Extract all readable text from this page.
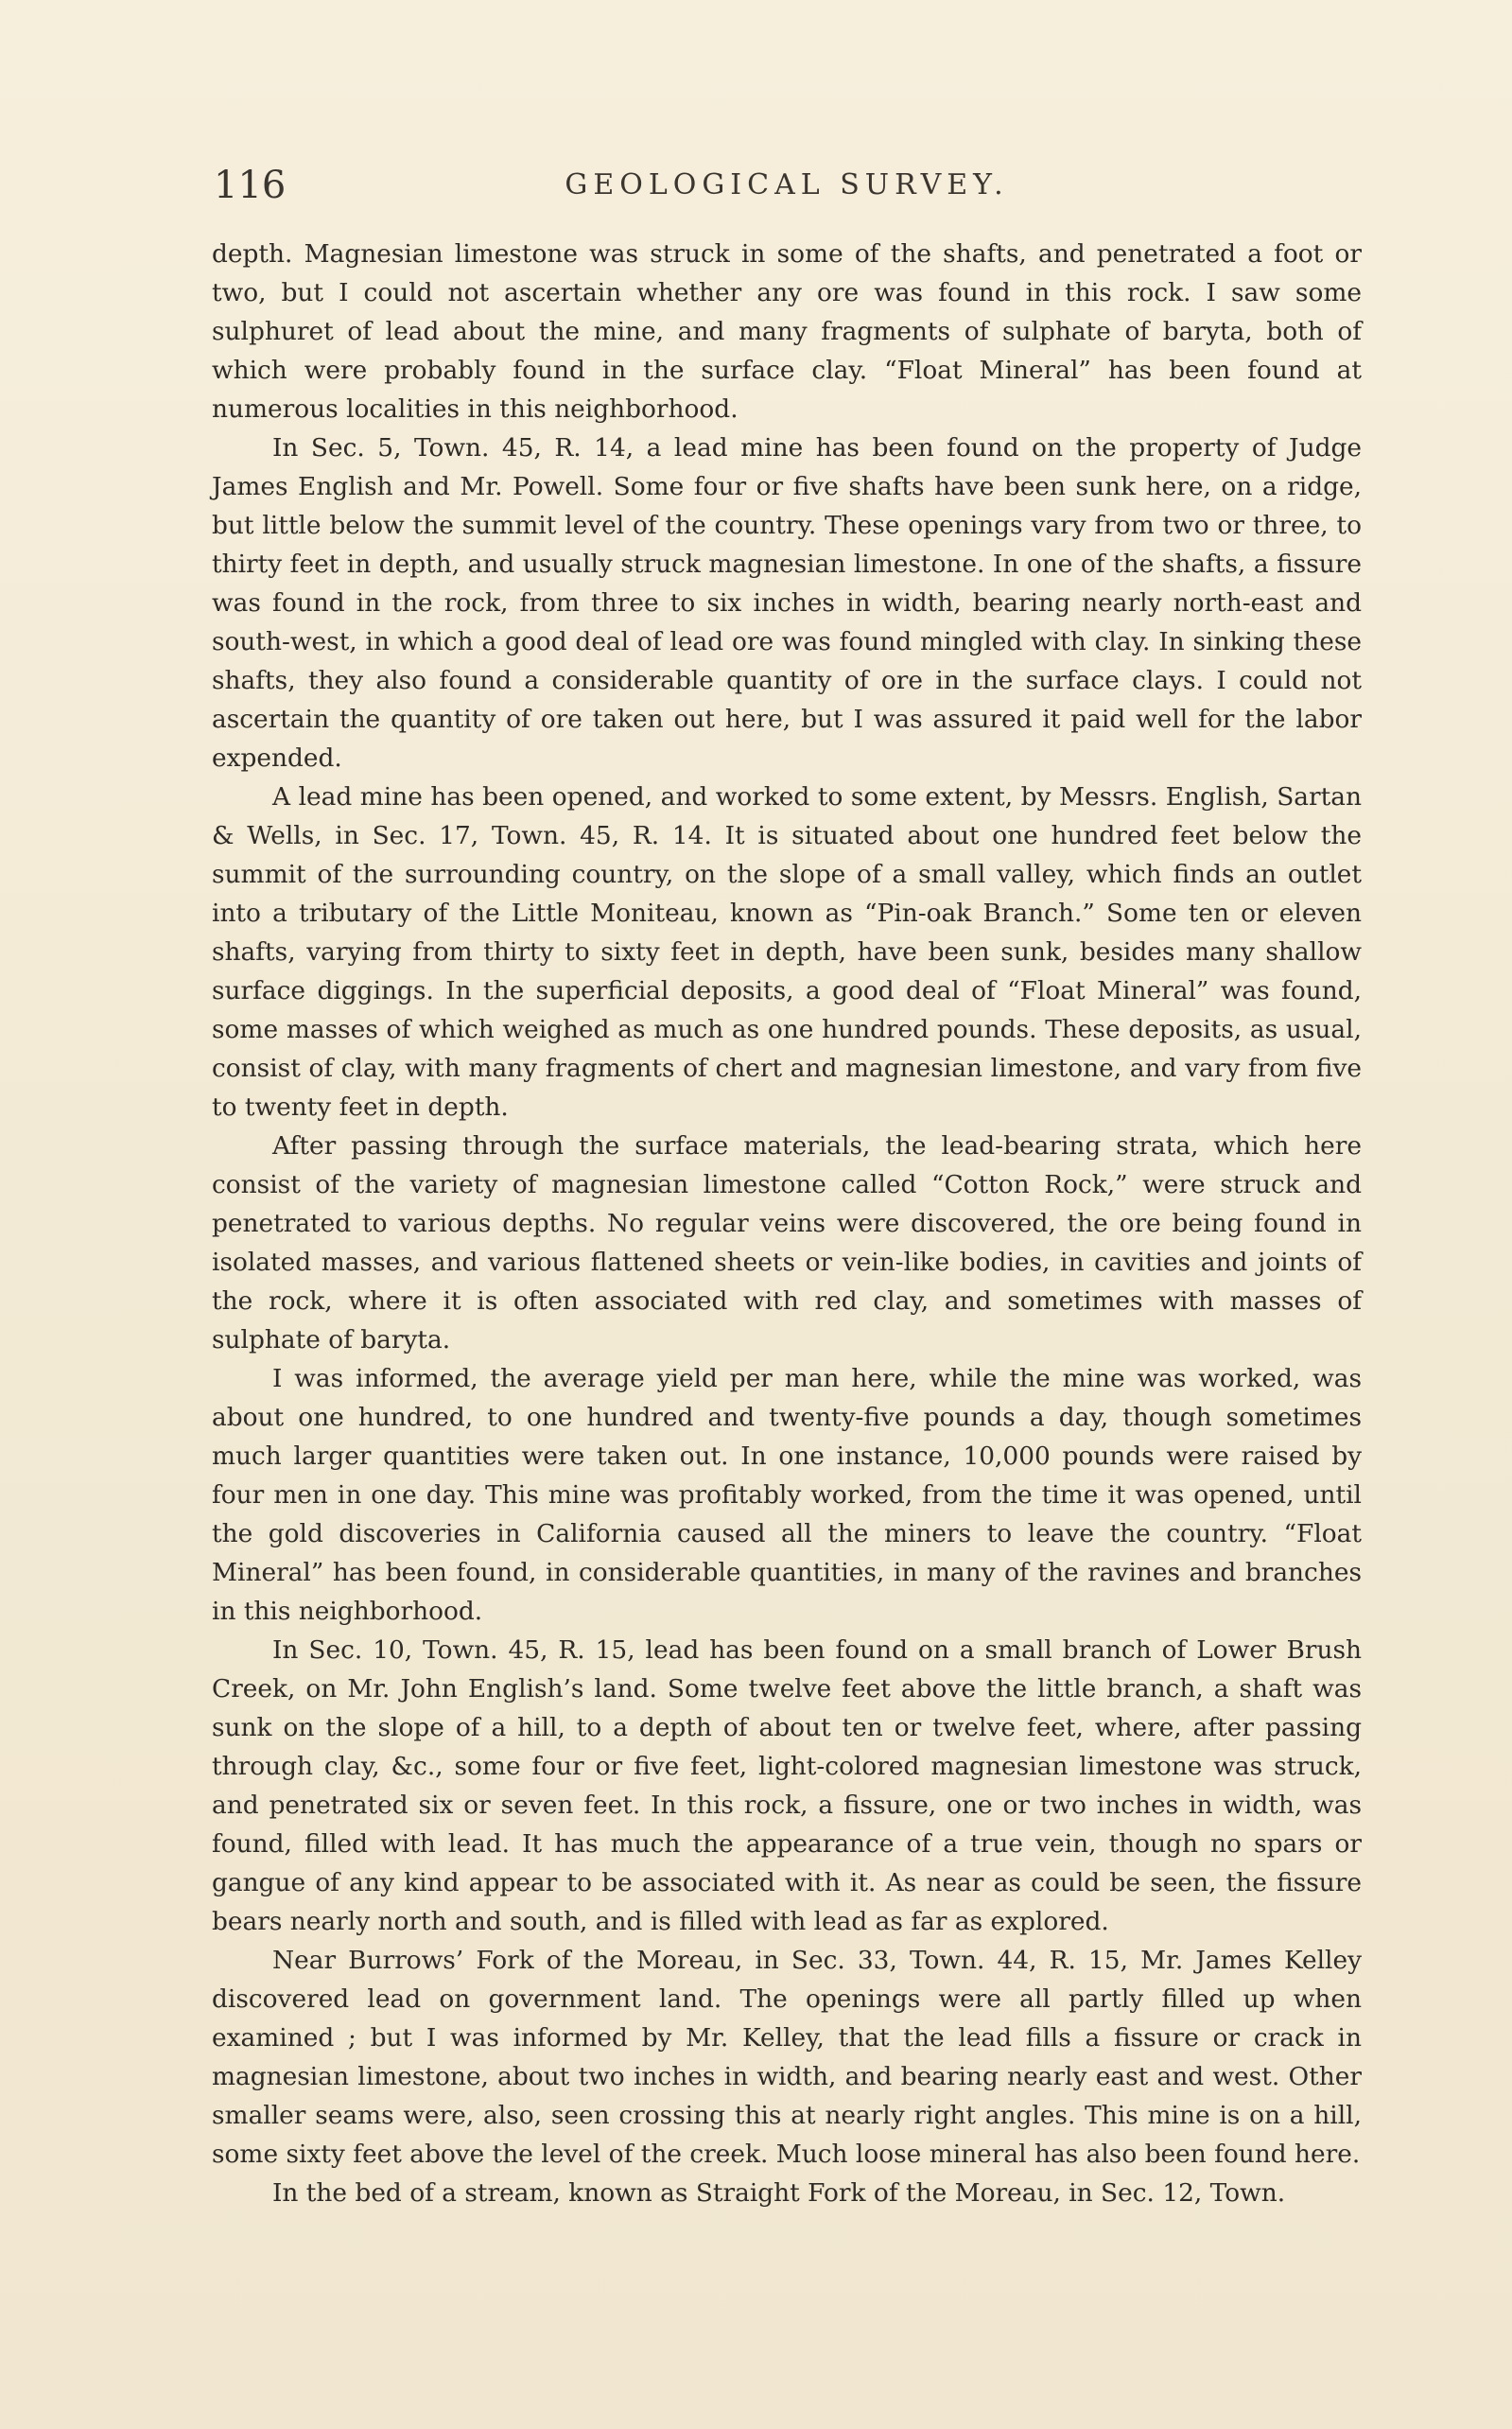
116	GEOLOGICAL SURVEY.

depth. Magnesian limestone was struck in some of the shafts, and penetrated a foot or two, but I could not ascertain whether any ore was found in this rock. I saw some sulphuret of lead about the mine, and many fragments of sulphate of baryta, both of which were probably found in the surface clay. “Float Mineral” has been found at numerous localities in this neighborhood.

In Sec. 5, Town. 45, R. 14, a lead mine has been found on the property of Judge James English and Mr. Powell. Some four or five shafts have been sunk here, on a ridge, but little below the summit level of the country. These openings vary from two or three, to thirty feet in depth, and usually struck magnesian limestone. In one of the shafts, a fissure was found in the rock, from three to six inches in width, bearing nearly north-east and south-west, in which a good deal of lead ore was found mingled with clay. In sinking these shafts, they also found a considerable quantity of ore in the surface clays. I could not ascertain the quantity of ore taken out here, but I was assured it paid well for the labor expended.

A lead mine has been opened, and worked to some extent, by Messrs. English, Sartan & Wells, in Sec. 17, Town. 45, R. 14. It is situated about one hundred feet below the summit of the surrounding country, on the slope of a small valley, which finds an outlet into a tributary of the Little Moniteau, known as “Pin-oak Branch.” Some ten or eleven shafts, varying from thirty to sixty feet in depth, have been sunk, besides many shallow surface diggings. In the superficial deposits, a good deal of “Float Mineral” was found, some masses of which weighed as much as one hundred pounds. These deposits, as usual, consist of clay, with many fragments of chert and magnesian limestone, and vary from five to twenty feet in depth.

After passing through the surface materials, the lead-bearing strata, which here consist of the variety of magnesian limestone called “Cotton Rock,” were struck and penetrated to various depths. No regular veins were discovered, the ore being found in isolated masses, and various flattened sheets or vein-like bodies, in cavities and joints of the rock, where it is often associated with red clay, and sometimes with masses of sulphate of baryta.

I was informed, the average yield per man here, while the mine was worked, was about one hundred, to one hundred and twenty-five pounds a day, though sometimes much larger quantities were taken out. In one instance, 10,000 pounds were raised by four men in one day. This mine was profitably worked, from the time it was opened, until the gold discoveries in California caused all the miners to leave the country. “Float Mineral” has been found, in considerable quantities, in many of the ravines and branches in this neighborhood.

In Sec. 10, Town. 45, R. 15, lead has been found on a small branch of Lower Brush Creek, on Mr. John English’s land. Some twelve feet above the little branch, a shaft was sunk on the slope of a hill, to a depth of about ten or twelve feet, where, after passing through clay, &c., some four or five feet, light-colored magnesian limestone was struck, and penetrated six or seven feet. In this rock, a fissure, one or two inches in width, was found, filled with lead. It has much the appearance of a true vein, though no spars or gangue of any kind appear to be associated with it. As near as could be seen, the fissure bears nearly north and south, and is filled with lead as far as explored.

Near Burrows’ Fork of the Moreau, in Sec. 33, Town. 44, R. 15, Mr. James Kelley discovered lead on government land. The openings were all partly filled up when examined ; but I was informed by Mr. Kelley, that the lead fills a fissure or crack in magnesian limestone, about two inches in width, and bearing nearly east and west. Other smaller seams were, also, seen crossing this at nearly right angles. This mine is on a hill, some sixty feet above the level of the creek. Much loose mineral has also been found here.

In the bed of a stream, known as Straight Fork of the Moreau, in Sec. 12, Town.
